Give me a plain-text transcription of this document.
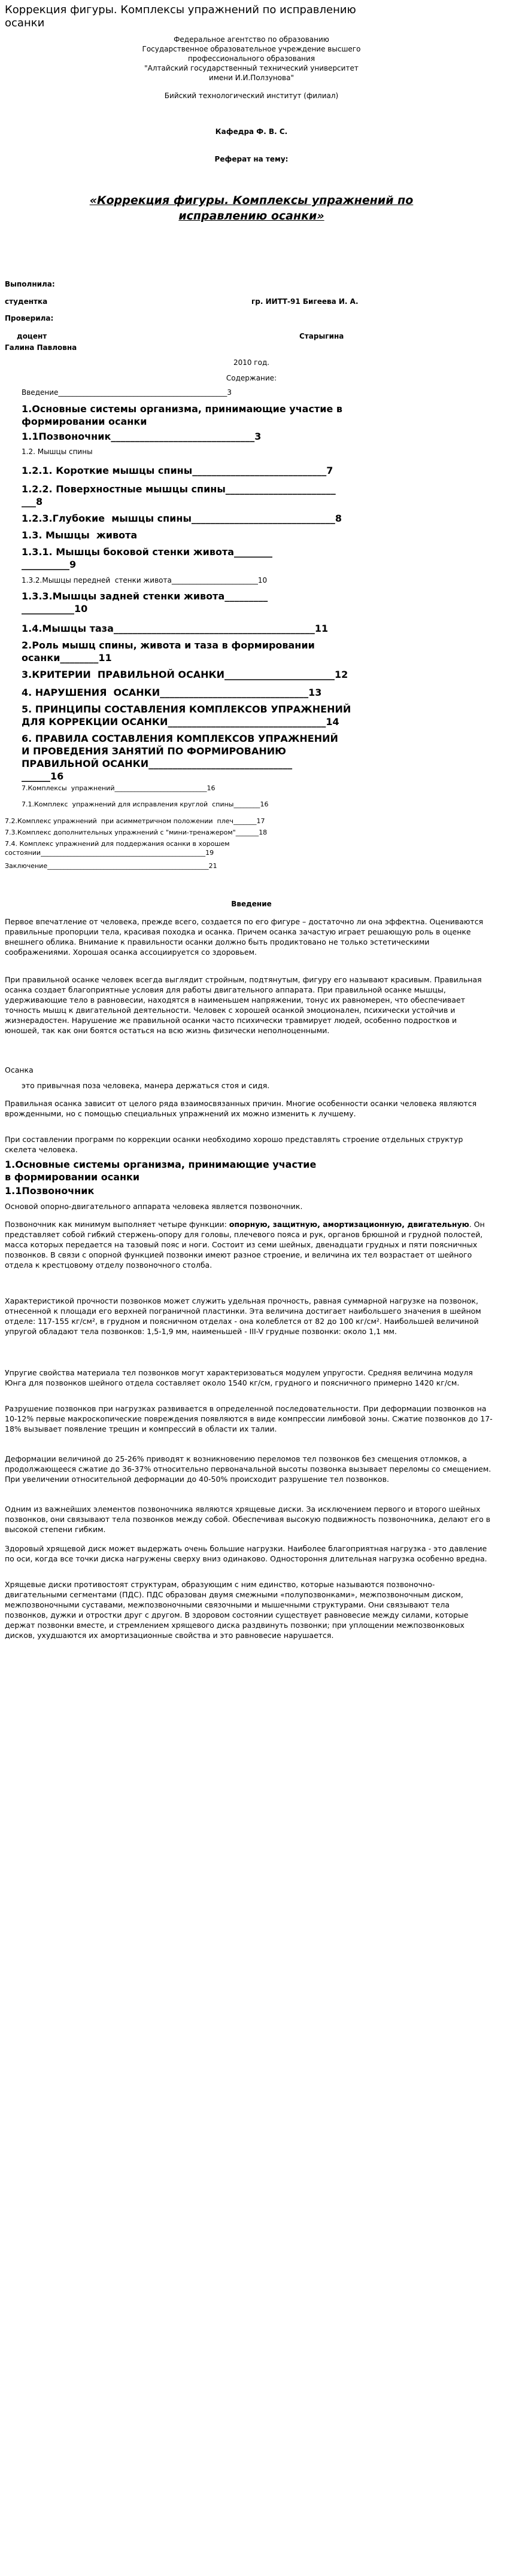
Коррекция фигуры. Комплексы упражнений по исправлению
осанки
Федеральное агентство по образованию
Государственное образовательное учреждение высшего
профессионального образования
"Алтайский государственный технический университет
имени И.И.Ползунова"
Бийский технологический институт (филиал)
Кафедра Ф. В. С.
Реферат на тему:
«Коррекция фигуры. Комплексы упражнений по
исправлению осанки»
Выполнила:
студентка	гр. ИИТТ-91 Бигеева И. А.
Проверила:
доцент	Старыгина
Галина Павловна
2010 год.
Содержание:
Введение_______________________________________________3
1.Основные системы организма, принимающие участие в
формировании осанки
1.1Позвоночник______________________________3
1.2. Мышцы спины
1.2.1. Короткие мышцы спины____________________________7
1.2.2. Поверхностные мышцы спины_______________________
___8
1.2.3.Глубокие  мышцы спины______________________________8
1.3. Мышцы  живота
1.3.1. Мышцы боковой стенки живота________
__________9
1.3.2.Мышцы передней  стенки живота________________________10
1.3.3.Мышцы задней стенки живота_________
___________10
1.4.Мышцы таза__________________________________________11
2.Роль мышц спины, живота и таза в формировании
осанки________11
3.КРИТЕРИИ  ПРАВИЛЬНОЙ ОСАНКИ_______________________12
4. НАРУШЕНИЯ  ОСАНКИ_______________________________13
5. ПРИНЦИПЫ СОСТАВЛЕНИЯ КОМПЛЕКСОВ УПРАЖНЕНИЙ
ДЛЯ КОРРЕКЦИИ ОСАНКИ_________________________________14
6. ПРАВИЛА СОСТАВЛЕНИЯ КОМПЛЕКСОВ УПРАЖНЕНИЙ
И ПРОВЕДЕНИЯ ЗАНЯТИЙ ПО ФОРМИРОВАНИЮ
ПРАВИЛЬНОЙ ОСАНКИ______________________________
______16
7.Комплексы  упражнений____________________________16
7.1.Комплекс  упражнений для исправления круглой  спины________16
7.2.Комплекс упражнений  при асимметричном положении  плеч_______17
7.3.Комплекс дополнительных упражнений с "мини-тренажером"_______18
7.4. Комплекс упражнений для поддержания осанки в хорошем
состоянии__________________________________________________19
Заключение_________________________________________________21
Введение
Первое впечатление от человека, прежде всего, создается по его фигуре – достаточно ли она эффектна. Оцениваются правильные пропорции тела, красивая походка и осанка. Причем осанка зачастую играет решающую роль в оценке внешнего облика. Внимание к правильности осанки должно быть продиктовано не только эстетическими соображениями. Хорошая осанка ассоциируется со здоровьем.
При правильной осанке человек всегда выглядит стройным, подтянутым, фигуру его называют красивым. Правильная осанка создает благоприятные условия для работы двигательного аппарата. При правильной осанке мышцы, удерживающие тело в равновесии, находятся в наименьшем напряжении, тонус их равномерен, что обеспечивает точность мышц к двигательной деятельности. Человек с хорошей осанкой эмоционален, психически устойчив и жизнерадостен. Нарушение же правильной осанки часто психически травмирует людей, особенно подростков и юношей, так как они боятся остаться на всю жизнь физически неполноценными.
Осанка
это привычная поза человека, манера держаться стоя и сидя.
Правильная осанка зависит от целого ряда взаимосвязанных причин. Многие особенности осанки человека являются врожденными, но с помощью специальных упражнений их можно изменить к лучшему.
При составлении программ по коррекции осанки необходимо хорошо представлять строение отдельных структур скелета человека.
1.Основные системы организма, принимающие участие
в формировании осанки
1.1Позвоночник
Основой опорно-двигательного аппарата человека является позвоночник.
Позвоночник как минимум выполняет четыре функции: опорную, защитную, амортизационную, двигательную. Он представляет собой гибкий стержень-опору для головы, плечевого пояса и рук, органов брюшной и грудной полостей, масса которых передается на тазовый пояс и ноги. Состоит из семи шейных, двенадцати грудных и пяти поясничных позвонков. В связи с опорной функцией позвонки имеют разное строение, и величина их тел возрастает от шейного отдела к крестцовому отделу позвоночного столба.
Характеристикой прочности позвонков может служить удельная прочность, равная суммарной нагрузке на позвонок, отнесенной к площади его верхней пограничной пластинки. Эта величина достигает наибольшего значения в шейном отделе: 117-155 кг/см², в грудном и поясничном отделах - она колеблется от 82 до 100 кг/см². Наибольшей величиной упругой обладают тела позвонков: 1,5-1,9 мм, наименьшей - III-V грудные позвонки: около 1,1 мм.
Упругие свойства материала тел позвонков могут характеризоваться модулем упругости. Средняя величина модуля Юнга для позвонков шейного отдела составляет около 1540 кг/см, грудного и поясничного примерно 1420 кг/см.
Разрушение позвонков при нагрузках развивается в определенной последовательности. При деформации позвонков на 10-12% первые макроскопические повреждения появляются в виде компрессии лимбовой зоны. Сжатие позвонков до 17-18% вызывает появление трещин и компрессий в области их талии.
Деформации величиной до 25-26% приводят к возникновению переломов тел позвонков без смещения отломков, а продолжающееся сжатие до 36-37% относительно первоначальной высоты позвонка вызывает переломы со смещением. При увеличении относительной деформации до 40-50% происходит разрушение тел позвонков.
Одним из важнейших элементов позвоночника являются хрящевые диски. За исключением первого и второго шейных позвонков, они связывают тела позвонков между собой. Обеспечивая высокую подвижность позвоночника, делают его в высокой степени гибким.
Здоровый хрящевой диск может выдержать очень большие нагрузки. Наиболее благоприятная нагрузка - это давление по оси, когда все точки диска нагружены сверху вниз одинаково. Одностороння длительная нагрузка особенно вредна.
Хрящевые диски противостоят структурам, образующим с ним единство, которые называются позвоночно-двигательными сегментами (ПДС). ПДС образован двумя смежными «полупозвонками», межпозвоночным диском, межпозвоночными суставами, межпозвоночными связочными и мышечными структурами. Они связывают тела позвонков, дужки и отростки друг с другом. В здоровом состоянии существует равновесие между силами, которые держат позвонки вместе, и стремлением хрящевого диска раздвинуть позвонки; при уплощении межпозвонковых дисков, ухудшаются их амортизационные свойства и это равновесие нарушается.
